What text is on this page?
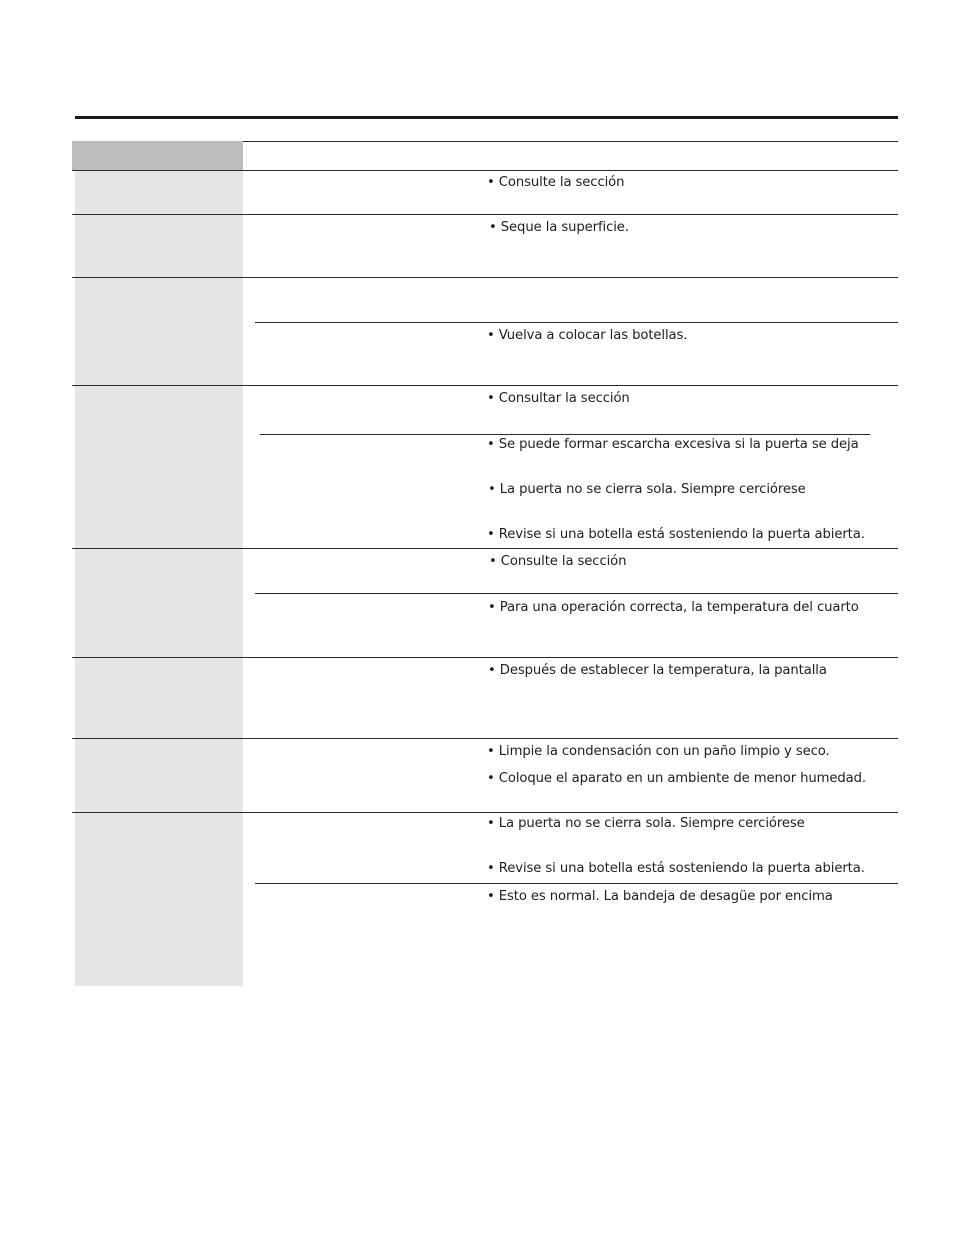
• Consulte la sección
• Seque la superficie.
• Vuelva a colocar las botellas.
• Consultar la sección
• Se puede formar escarcha excesiva si la puerta se deja
• La puerta no se cierra sola. Siempre cerciórese
• Revise si una botella está sosteniendo la puerta abierta.
• Consulte la sección
• Para una operación correcta, la temperatura del cuarto
• Después de establecer la temperatura, la pantalla
• Limpie la condensación con un paño limpio y seco.
• Coloque el aparato en un ambiente de menor humedad.
• La puerta no se cierra sola. Siempre cerciórese
• Revise si una botella está sosteniendo la puerta abierta.
• Esto es normal. La bandeja de desagüe por encima
